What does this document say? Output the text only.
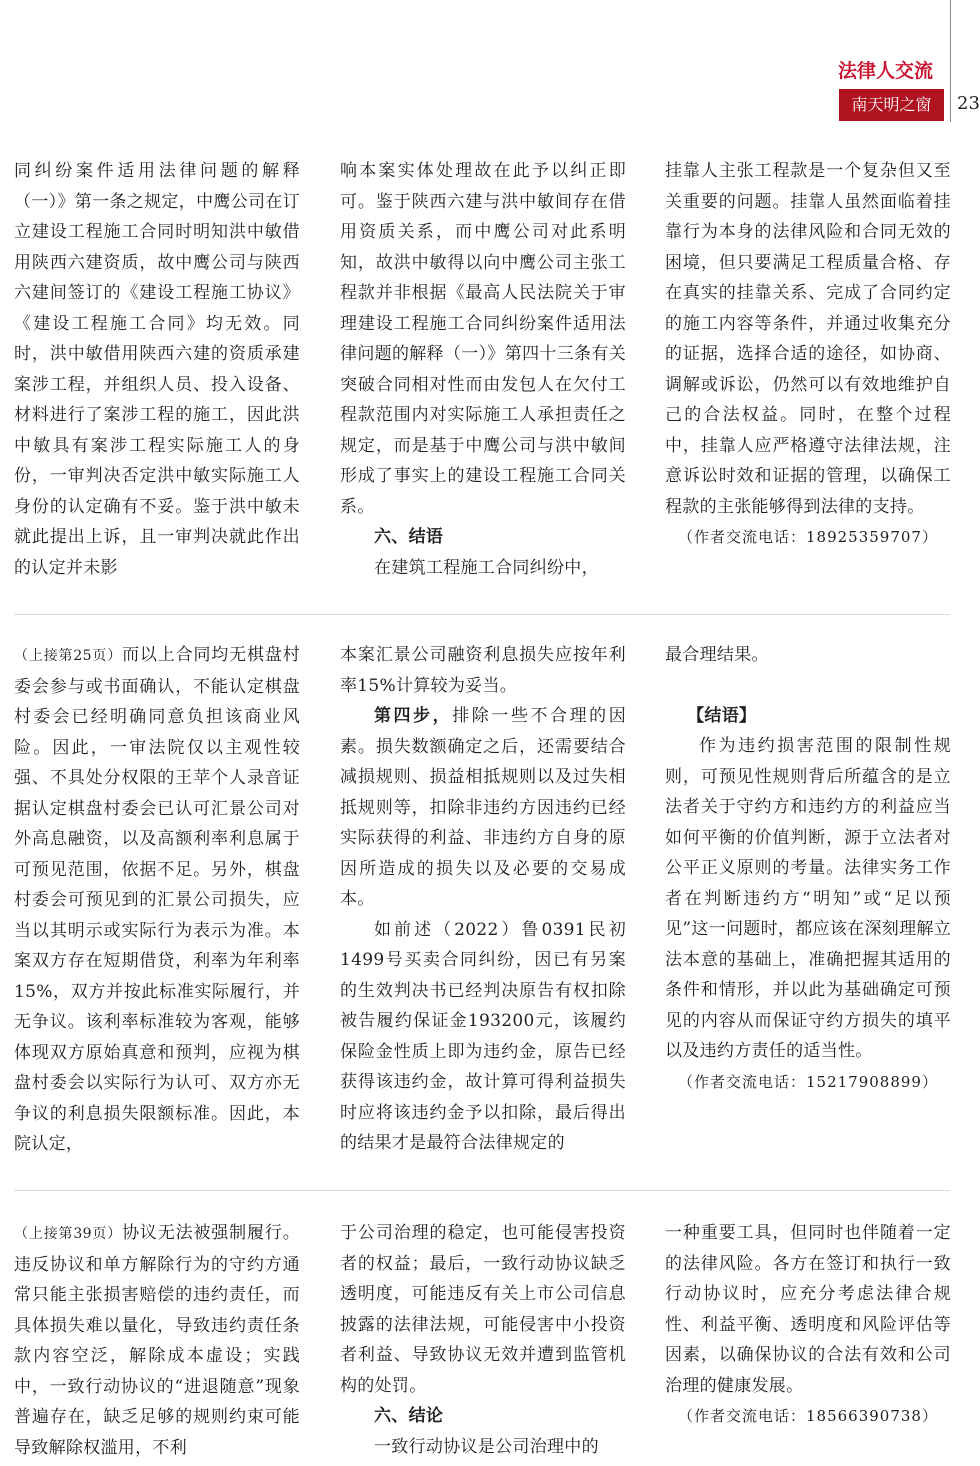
法律人交流
南天明之窗	23

同纠纷案件适用法律问题的解释（一）》第一条之规定，中鹰公司在订立建设工程施工合同时明知洪中敏借用陕西六建资质，故中鹰公司与陕西六建间签订的《建设工程施工协议》《建设工程施工合同》均无效。同时，洪中敏借用陕西六建的资质承建案涉工程，并组织人员、投入设备、材料进行了案涉工程的施工，因此洪中敏具有案涉工程实际施工人的身份，一审判决否定洪中敏实际施工人身份的认定确有不妥。鉴于洪中敏未就此提出上诉，且一审判决就此作出的认定并未影

响本案实体处理故在此予以纠正即可。鉴于陕西六建与洪中敏间存在借用资质关系，而中鹰公司对此系明知，故洪中敏得以向中鹰公司主张工程款并非根据《最高人民法院关于审理建设工程施工合同纠纷案件适用法律问题的解释（一）》第四十三条有关突破合同相对性而由发包人在欠付工程款范围内对实际施工人承担责任之规定，而是基于中鹰公司与洪中敏间形成了事实上的建设工程施工合同关系。

六、结语

在建筑工程施工合同纠纷中，

挂靠人主张工程款是一个复杂但又至关重要的问题。挂靠人虽然面临着挂靠行为本身的法律风险和合同无效的困境，但只要满足工程质量合格、存在真实的挂靠关系、完成了合同约定的施工内容等条件，并通过收集充分的证据，选择合适的途径，如协商、调解或诉讼，仍然可以有效地维护自己的合法权益。同时，在整个过程中，挂靠人应严格遵守法律法规，注意诉讼时效和证据的管理，以确保工程款的主张能够得到法律的支持。

（作者交流电话：18925359707）

（上接第25页）而以上合同均无棋盘村委会参与或书面确认，不能认定棋盘村委会已经明确同意负担该商业风险。因此，一审法院仅以主观性较强、不具处分权限的王苹个人录音证据认定棋盘村委会已认可汇景公司对外高息融资，以及高额利率利息属于可预见范围，依据不足。另外，棋盘村委会可预见到的汇景公司损失，应当以其明示或实际行为表示为准。本案双方存在短期借贷，利率为年利率15%，双方并按此标准实际履行，并无争议。该利率标准较为客观，能够体现双方原始真意和预判，应视为棋盘村委会以实际行为认可、双方亦无争议的利息损失限额标准。因此，本院认定，

本案汇景公司融资利息损失应按年利率15%计算较为妥当。

第四步，排除一些不合理的因素。损失数额确定之后，还需要结合减损规则、损益相抵规则以及过失相抵规则等，扣除非违约方因违约已经实际获得的利益、非违约方自身的原因所造成的损失以及必要的交易成本。

如前述（2022）鲁0391民初1499号买卖合同纠纷，因已有另案的生效判决书已经判决原告有权扣除被告履约保证金193200元，该履约保险金性质上即为违约金，原告已经获得该违约金，故计算可得利益损失时应将该违约金予以扣除，最后得出的结果才是最符合法律规定的

最合理结果。

【结语】

作为违约损害范围的限制性规则，可预见性规则背后所蕴含的是立法者关于守约方和违约方的利益应当如何平衡的价值判断，源于立法者对公平正义原则的考量。法律实务工作者在判断违约方“明知”或“足以预见”这一问题时，都应该在深刻理解立法本意的基础上，准确把握其适用的条件和情形，并以此为基础确定可预见的内容从而保证守约方损失的填平以及违约方责任的适当性。

（作者交流电话：15217908899）

（上接第39页）协议无法被强制履行。违反协议和单方解除行为的守约方通常只能主张损害赔偿的违约责任，而具体损失难以量化，导致违约责任条款内容空泛，解除成本虚设；实践中，一致行动协议的“进退随意”现象普遍存在，缺乏足够的规则约束可能导致解除权滥用，不利

于公司治理的稳定，也可能侵害投资者的权益；最后，一致行动协议缺乏透明度，可能违反有关上市公司信息披露的法律法规，可能侵害中小投资者利益、导致协议无效并遭到监管机构的处罚。

六、结论

一致行动协议是公司治理中的

一种重要工具，但同时也伴随着一定的法律风险。各方在签订和执行一致行动协议时，应充分考虑法律合规性、利益平衡、透明度和风险评估等因素，以确保协议的合法有效和公司治理的健康发展。

（作者交流电话：18566390738）
